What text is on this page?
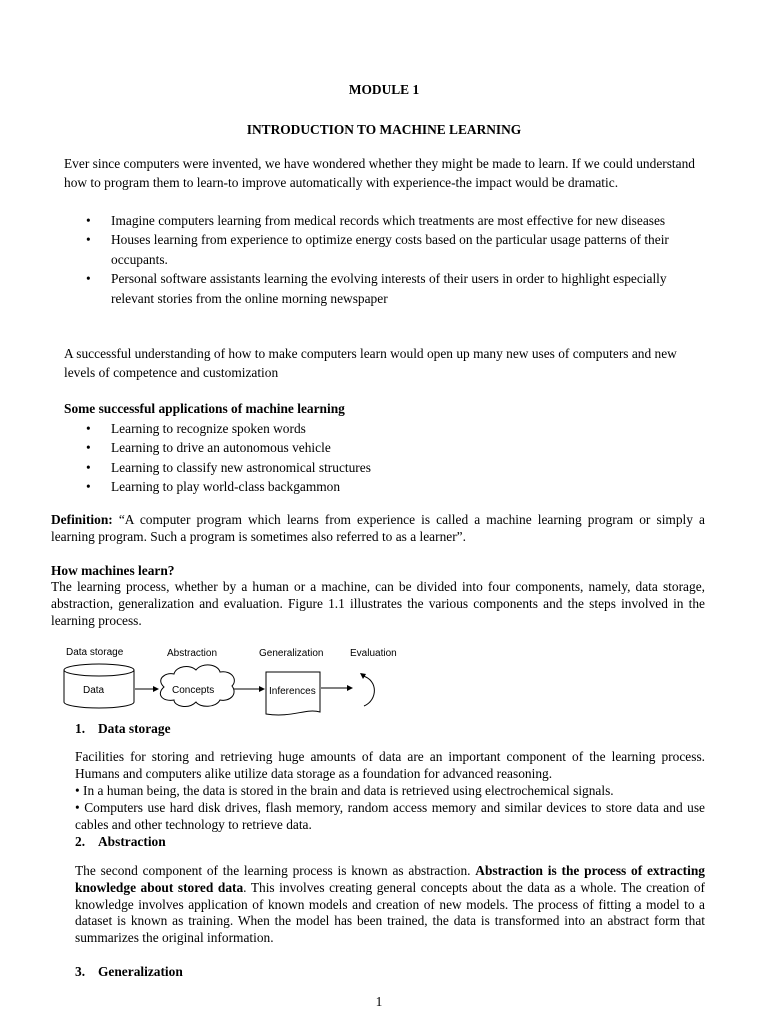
MODULE 1
INTRODUCTION TO MACHINE LEARNING
Ever since computers were invented, we have wondered whether they might be made to learn. If we could understand how to program them to learn-to improve automatically with experience-the impact would be dramatic.
• Imagine computers learning from medical records which treatments are most effective for new diseases
• Houses learning from experience to optimize energy costs based on the particular usage patterns of their occupants.
• Personal software assistants learning the evolving interests of their users in order to highlight especially relevant stories from the online morning newspaper
A successful understanding of how to make computers learn would open up many new uses of computers and new levels of competence and customization
Some successful applications of machine learning
• Learning to recognize spoken words
• Learning to drive an autonomous vehicle
• Learning to classify new astronomical structures
• Learning to play world-class backgammon
Definition: “A computer program which learns from experience is called a machine learning program or simply a learning program. Such a program is sometimes also referred to as a learner”.
How machines learn?
The learning process, whether by a human or a machine, can be divided into four components, namely, data storage, abstraction, generalization and evaluation. Figure 1.1 illustrates the various components and the steps involved in the learning process.
Data storage	Abstraction	Generalization	Evaluation
Data	Concepts	Inferences
1. Data storage
Facilities for storing and retrieving huge amounts of data are an important component of the learning process. Humans and computers alike utilize data storage as a foundation for advanced reasoning.
• In a human being, the data is stored in the brain and data is retrieved using electrochemical signals.
• Computers use hard disk drives, flash memory, random access memory and similar devices to store data and use cables and other technology to retrieve data.
2. Abstraction
The second component of the learning process is known as abstraction. Abstraction is the process of extracting knowledge about stored data. This involves creating general concepts about the data as a whole. The creation of knowledge involves application of known models and creation of new models. The process of fitting a model to a dataset is known as training. When the model has been trained, the data is transformed into an abstract form that summarizes the original information.
3. Generalization
1
